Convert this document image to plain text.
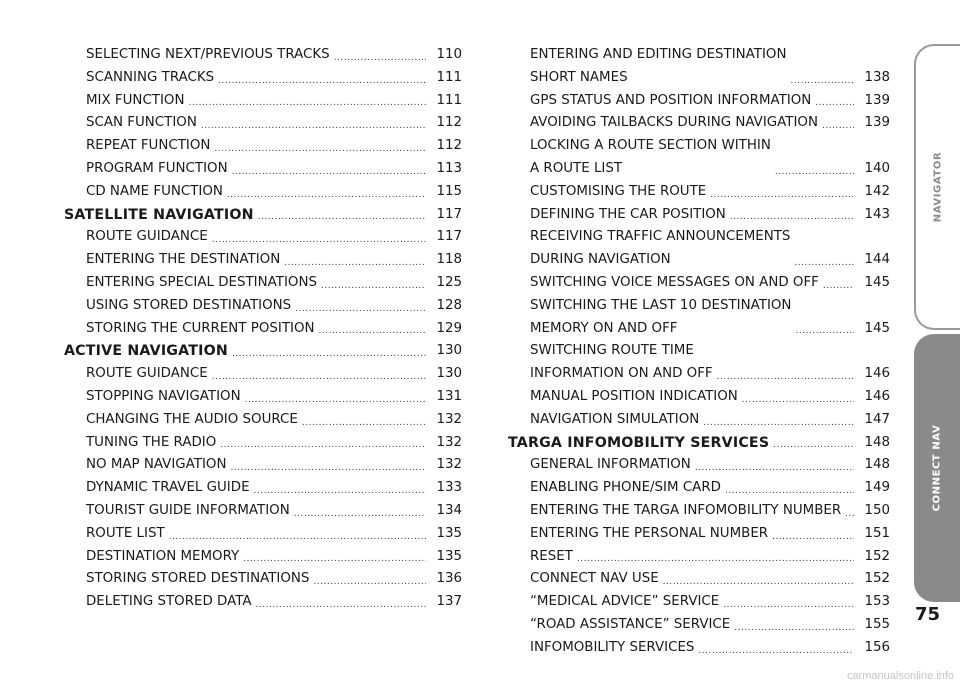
SELECTING NEXT/PREVIOUS TRACKS .....	110
SCANNING TRACKS .....	111
MIX FUNCTION .....	111
SCAN FUNCTION .....	112
REPEAT FUNCTION .....	112
PROGRAM FUNCTION .....	113
CD NAME FUNCTION .....	115
SATELLITE NAVIGATION .....	117
ROUTE GUIDANCE .....	117
ENTERING THE DESTINATION .....	118
ENTERING SPECIAL DESTINATIONS .....	125
USING STORED DESTINATIONS .....	128
STORING THE CURRENT POSITION .....	129
ACTIVE NAVIGATION .....	130
ROUTE GUIDANCE .....	130
STOPPING NAVIGATION .....	131
CHANGING THE AUDIO SOURCE .....	132
TUNING THE RADIO .....	132
NO MAP NAVIGATION .....	132
DYNAMIC TRAVEL GUIDE .....	133
TOURIST GUIDE INFORMATION .....	134
ROUTE LIST .....	135
DESTINATION MEMORY .....	135
STORING STORED DESTINATIONS .....	136
DELETING STORED DATA .....	137
ENTERING AND EDITING DESTINATION
SHORT NAMES .....	138
GPS STATUS AND POSITION INFORMATION .....	139
AVOIDING TAILBACKS DURING NAVIGATION .....	139
LOCKING A ROUTE SECTION WITHIN
A ROUTE LIST .....	140
CUSTOMISING THE ROUTE .....	142
DEFINING THE CAR POSITION .....	143
RECEIVING TRAFFIC ANNOUNCEMENTS
DURING NAVIGATION .....	144
SWITCHING VOICE MESSAGES ON AND OFF .....	145
SWITCHING THE LAST 10 DESTINATION
MEMORY ON AND OFF .....	145
SWITCHING ROUTE TIME
INFORMATION ON AND OFF .....	146
MANUAL POSITION INDICATION .....	146
NAVIGATION SIMULATION .....	147
TARGA INFOMOBILITY SERVICES .....	148
GENERAL INFORMATION .....	148
ENABLING PHONE/SIM CARD .....	149
ENTERING THE TARGA INFOMOBILITY NUMBER .....	150
ENTERING THE PERSONAL NUMBER .....	151
RESET .....	152
CONNECT NAV USE .....	152
“MEDICAL ADVICE” SERVICE .....	153
“ROAD ASSISTANCE” SERVICE .....	155
INFOMOBILITY SERVICES .....	156
NAVIGATOR
CONNECT NAV
75
carmanualsonline.info
